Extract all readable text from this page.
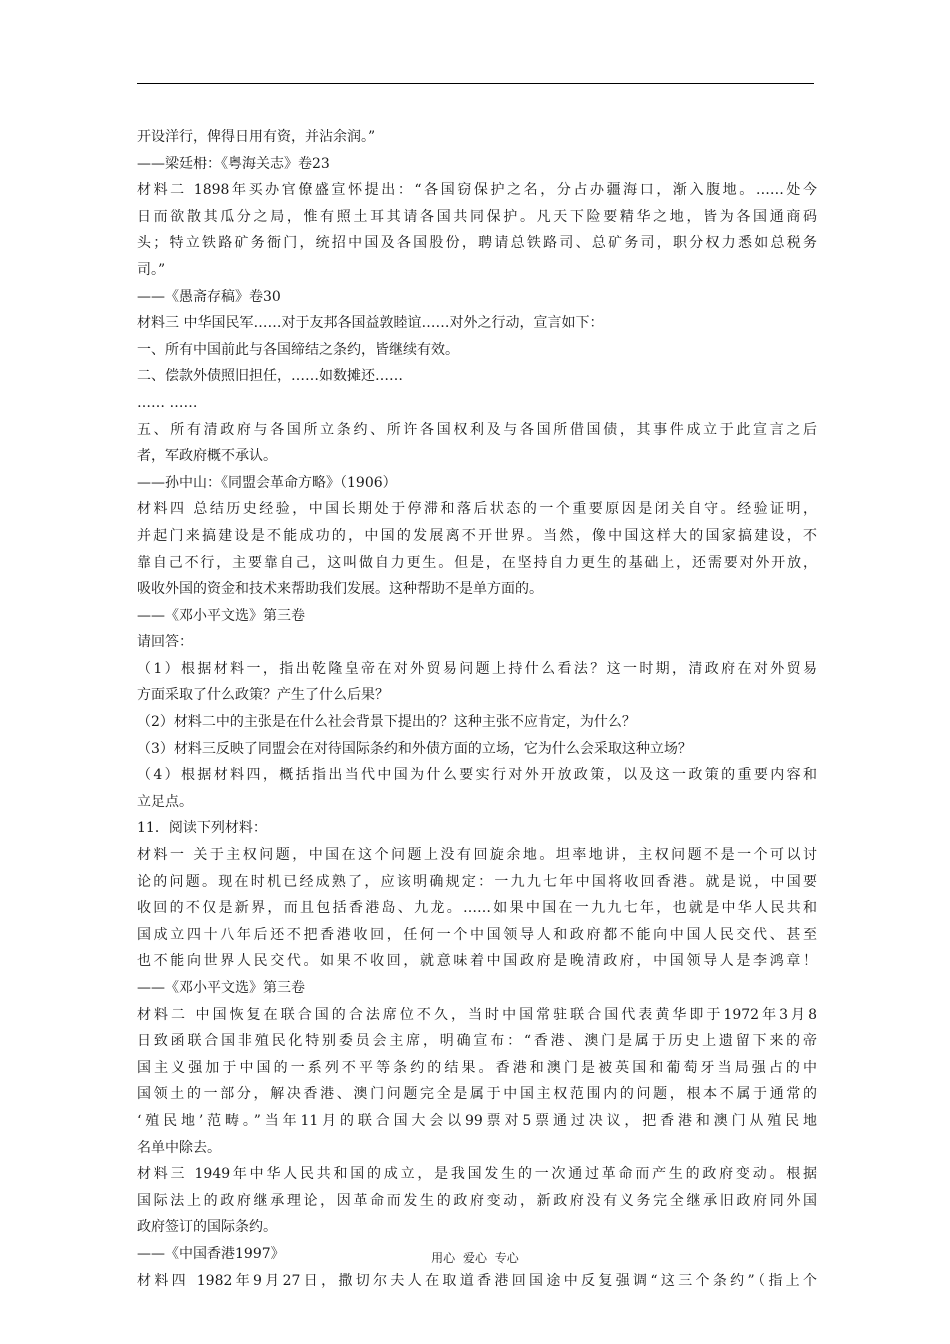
开设洋行，俾得日用有资，并沾余润。”
——梁廷枏：《粤海关志》卷23
材料二 1898年买办官僚盛宣怀提出：“各国窃保护之名，分占办疆海口，渐入腹地。……处今
日而欲散其瓜分之局，惟有照土耳其请各国共同保护。凡天下险要精华之地，皆为各国通商码
头；特立铁路矿务衙门，统招中国及各国股份，聘请总铁路司、总矿务司，职分权力悉如总税务
司。”
——《愚斋存稿》卷30
材料三 中华国民军……对于友邦各国益敦睦谊……对外之行动，宣言如下：
一、所有中国前此与各国缔结之条约，皆继续有效。
二、偿款外债照旧担任，……如数摊还……
…… ……
五、所有清政府与各国所立条约、所许各国权利及与各国所借国债，其事件成立于此宣言之后
者，军政府概不承认。
——孙中山：《同盟会革命方略》（1906）
材料四 总结历史经验，中国长期处于停滞和落后状态的一个重要原因是闭关自守。经验证明，
并起门来搞建设是不能成功的，中国的发展离不开世界。当然，像中国这样大的国家搞建设，不
靠自己不行，主要靠自己，这叫做自力更生。但是，在坚持自力更生的基础上，还需要对外开放，
吸收外国的资金和技术来帮助我们发展。这种帮助不是单方面的。
——《邓小平文选》第三卷
请回答：
（1）根据材料一，指出乾隆皇帝在对外贸易问题上持什么看法？这一时期，清政府在对外贸易
方面采取了什么政策？产生了什么后果？
（2）材料二中的主张是在什么社会背景下提出的？这种主张不应肯定，为什么？
（3）材料三反映了同盟会在对待国际条约和外债方面的立场，它为什么会采取这种立场？
（4）根据材料四，概括指出当代中国为什么要实行对外开放政策，以及这一政策的重要内容和
立足点。
11．阅读下列材料：
材料一 关于主权问题，中国在这个问题上没有回旋余地。坦率地讲，主权问题不是一个可以讨
论的问题。现在时机已经成熟了，应该明确规定：一九九七年中国将收回香港。就是说，中国要
收回的不仅是新界，而且包括香港岛、九龙。……如果中国在一九九七年，也就是中华人民共和
国成立四十八年后还不把香港收回，任何一个中国领导人和政府都不能向中国人民交代、甚至
也不能向世界人民交代。如果不收回，就意味着中国政府是晚清政府，中国领导人是李鸿章！
——《邓小平文选》第三卷
材料二 中国恢复在联合国的合法席位不久，当时中国常驻联合国代表黄华即于1972年3月8
日致函联合国非殖民化特别委员会主席，明确宣布：“香港、澳门是属于历史上遗留下来的帝
国主义强加于中国的一系列不平等条约的结果。香港和澳门是被英国和葡萄牙当局强占的中
国领土的一部分，解决香港、澳门问题完全是属于中国主权范围内的问题，根本不属于通常的
‘殖民地’范畴。”当年11月的联合国大会以99票对5票通过决议，把香港和澳门从殖民地
名单中除去。
材料三 1949年中华人民共和国的成立，是我国发生的一次通过革命而产生的政府变动。根据
国际法上的政府继承理论，因革命而发生的政府变动，新政府没有义务完全继承旧政府同外国
政府签订的国际条约。
——《中国香港1997》
材料四 1982年9月27日，撒切尔夫人在取道香港回国途中反复强调“这三个条约”（指上个
用心 爱心 专心
